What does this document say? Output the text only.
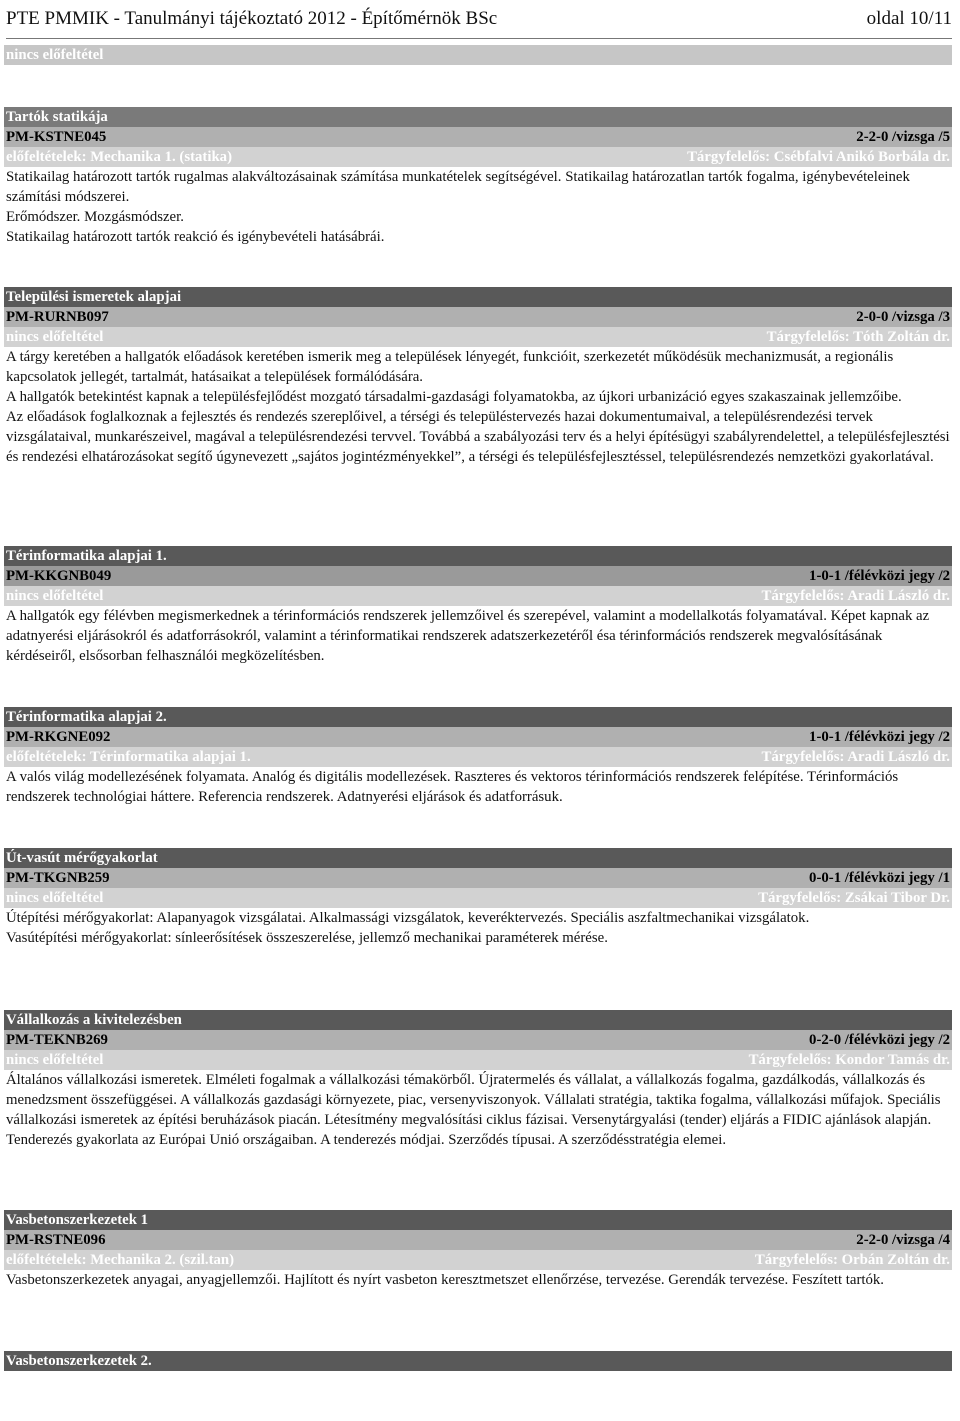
PTE PMMIK - Tanulmányi tájékoztató 2012 - Építőmérnök BSc	oldal 10/11
nincs előfeltétel
Tartók statikája
PM-KSTNE045	2-2-0 /vizsga /5
előfeltételek: Mechanika 1. (statika)	Tárgyfelelős: Csébfalvi Anikó Borbála dr.

Statikailag határozott tartók rugalmas alakváltozásainak számítása munkatételek segítségével. Statikailag határozatlan tartók fogalma, igénybevételeinek számítási módszerei.

Erőmódszer. Mozgásmódszer.

Statikailag határozott tartók reakció és igénybevételi hatásábrái.

Települési ismeretek alapjai
PM-RURNB097	2-0-0 /vizsga /3
nincs előfeltétel	Tárgyfelelős: Tóth Zoltán dr.

A tárgy keretében a hallgatók előadások keretében ismerik meg a települések lényegét, funkcióit, szerkezetét működésük mechanizmusát, a regionális kapcsolatok jellegét, tartalmát, hatásaikat a települések formálódására.

A hallgatók betekintést kapnak a településfejlődést mozgató társadalmi-gazdasági folyamatokba, az újkori urbanizáció egyes szakaszainak jellemzőibe.

Az előadások foglalkoznak a fejlesztés és rendezés szereplőivel, a térségi és településtervezés hazai dokumentumaival, a településrendezési tervek vizsgálataival, munkarészeivel, magával a településrendezési tervvel. Továbbá a szabályozási terv és a helyi építésügyi szabályrendelettel, a településfejlesztési és rendezési elhatározásokat segítő úgynevezett „sajátos jogintézményekkel”, a térségi és településfejlesztéssel, településrendezés nemzetközi gyakorlatával.

Térinformatika alapjai 1.
PM-KKGNB049	1-0-1 /félévközi jegy /2
nincs előfeltétel	Tárgyfelelős: Aradi László dr.

A hallgatók egy félévben megismerkednek a térinformációs rendszerek jellemzőivel és szerepével, valamint a modellalkotás folyamatával. Képet kapnak az adatnyerési eljárásokról és adatforrásokról, valamint a térinformatikai rendszerek adatszerkezetéről ésa térinformációs rendszerek megvalósításának kérdéseiről, elsősorban felhasználói megközelítésben.

Térinformatika alapjai 2.
PM-RKGNE092	1-0-1 /félévközi jegy /2
előfeltételek: Térinformatika alapjai 1.	Tárgyfelelős: Aradi László dr.

A valós világ modellezésének folyamata. Analóg és digitális modellezések. Raszteres és vektoros térinformációs rendszerek felépítése. Térinformációs rendszerek technológiai háttere. Referencia rendszerek. Adatnyerési eljárások és adatforrásuk.

Út-vasút mérőgyakorlat
PM-TKGNB259	0-0-1 /félévközi jegy /1
nincs előfeltétel	Tárgyfelelős: Zsákai Tibor Dr.

Útépítési mérőgyakorlat: Alapanyagok vizsgálatai. Alkalmassági vizsgálatok, keveréktervezés. Speciális aszfaltmechanikai vizsgálatok.

Vasútépítési mérőgyakorlat: sínleerősítések összeszerelése, jellemző mechanikai paraméterek mérése.

Vállalkozás a kivitelezésben
PM-TEKNB269	0-2-0 /félévközi jegy /2
nincs előfeltétel	Tárgyfelelős: Kondor Tamás dr.

Általános vállalkozási ismeretek. Elméleti fogalmak a vállalkozási témakörből. Újratermelés és vállalat, a vállalkozás fogalma, gazdálkodás, vállalkozás és menedzsment összefüggései. A vállalkozás gazdasági környezete, piac, versenyviszonyok. Vállalati stratégia, taktika fogalma, vállalkozási műfajok. Speciális vállalkozási ismeretek az építési beruházások piacán. Létesítmény megvalósítási ciklus fázisai. Versenytárgyalási (tender) eljárás a FIDIC ajánlások alapján. Tenderezés gyakorlata az Európai Unió országaiban. A tenderezés módjai. Szerződés típusai. A szerződésstratégia elemei.

Vasbetonszerkezetek 1
PM-RSTNE096	2-2-0 /vizsga /4
előfeltételek: Mechanika 2. (szil.tan)	Tárgyfelelős: Orbán Zoltán dr.

Vasbetonszerkezetek anyagai, anyagjellemzői. Hajlított és nyírt vasbeton keresztmetszet ellenőrzése, tervezése. Gerendák tervezése. Feszített tartók.

Vasbetonszerkezetek 2.
